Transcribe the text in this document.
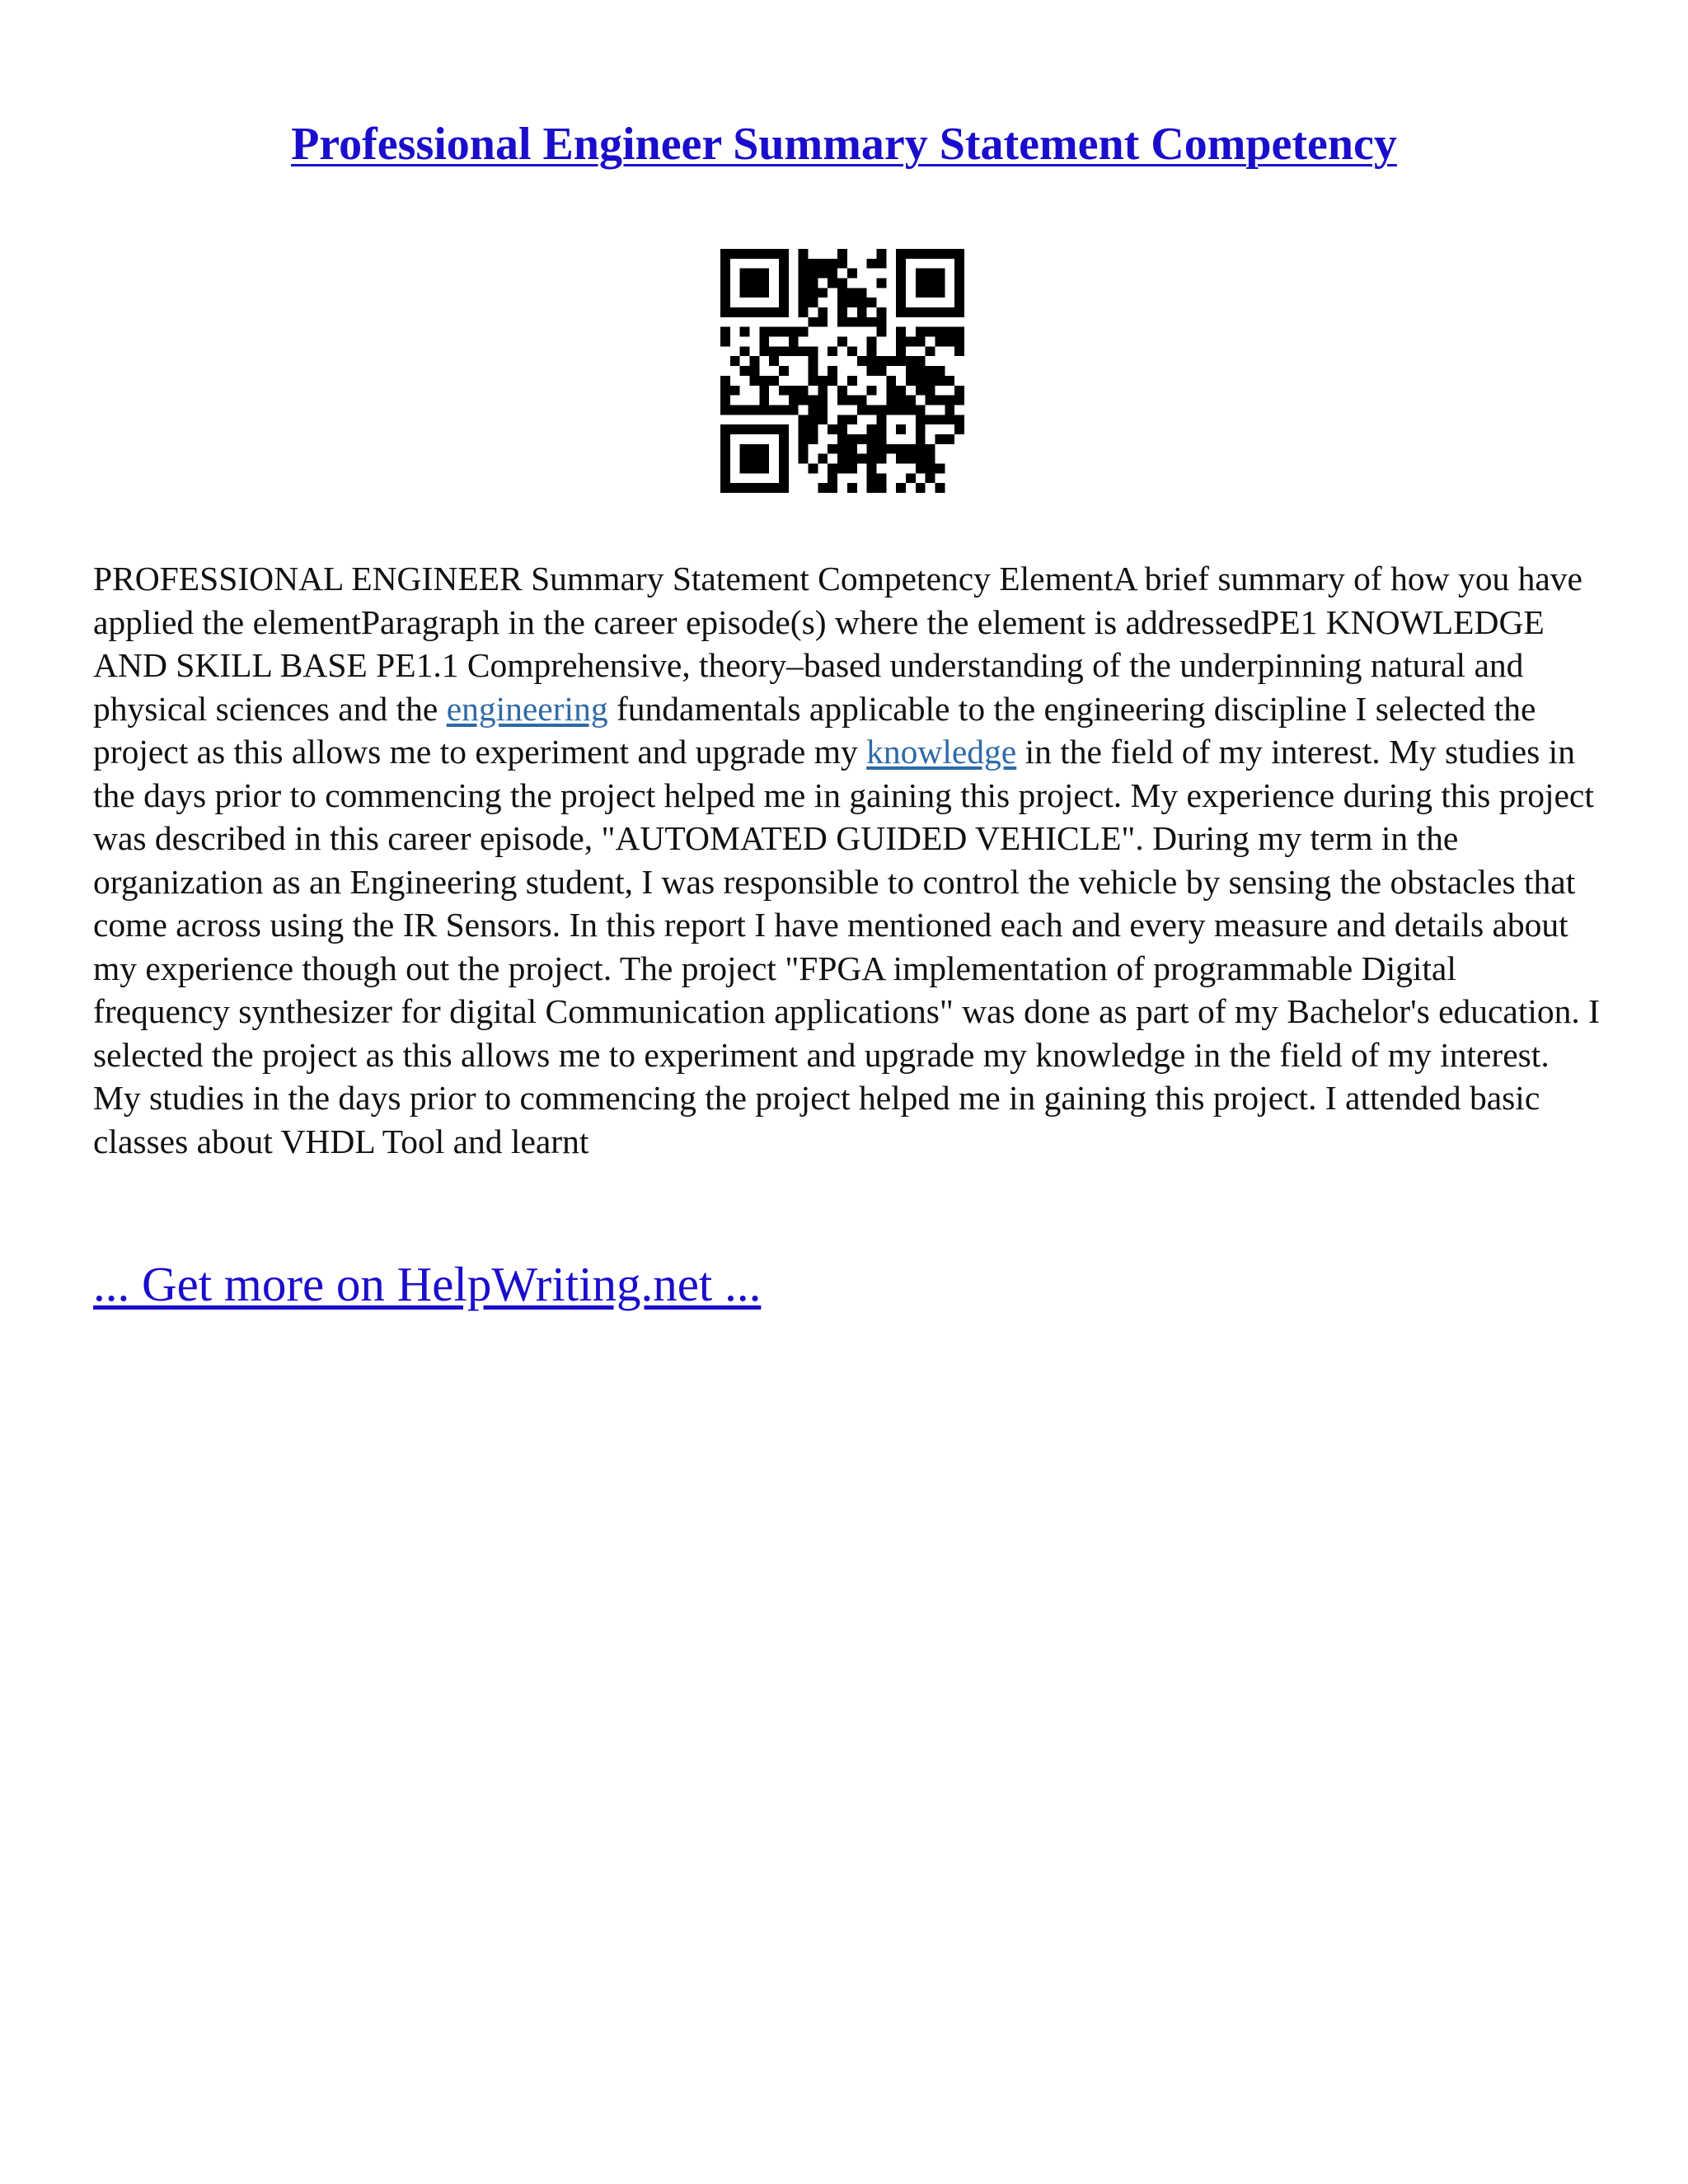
Professional Engineer Summary Statement Competency

PROFESSIONAL ENGINEER Summary Statement Competency ElementA brief summary of how you have applied the elementParagraph in the career episode(s) where the element is addressedPE1 KNOWLEDGE AND SKILL BASE PE1.1 Comprehensive, theory–based understanding of the underpinning natural and physical sciences and the engineering fundamentals applicable to the engineering discipline I selected the project as this allows me to experiment and upgrade my knowledge in the field of my interest. My studies in the days prior to commencing the project helped me in gaining this project. My experience during this project was described in this career episode, "AUTOMATED GUIDED VEHICLE". During my term in the organization as an Engineering student, I was responsible to control the vehicle by sensing the obstacles that come across using the IR Sensors. In this report I have mentioned each and every measure and details about my experience though out the project. The project "FPGA implementation of programmable Digital frequency synthesizer for digital Communication applications" was done as part of my Bachelor's education. I selected the project as this allows me to experiment and upgrade my knowledge in the field of my interest. My studies in the days prior to commencing the project helped me in gaining this project. I attended basic classes about VHDL Tool and learnt

... Get more on HelpWriting.net ...
